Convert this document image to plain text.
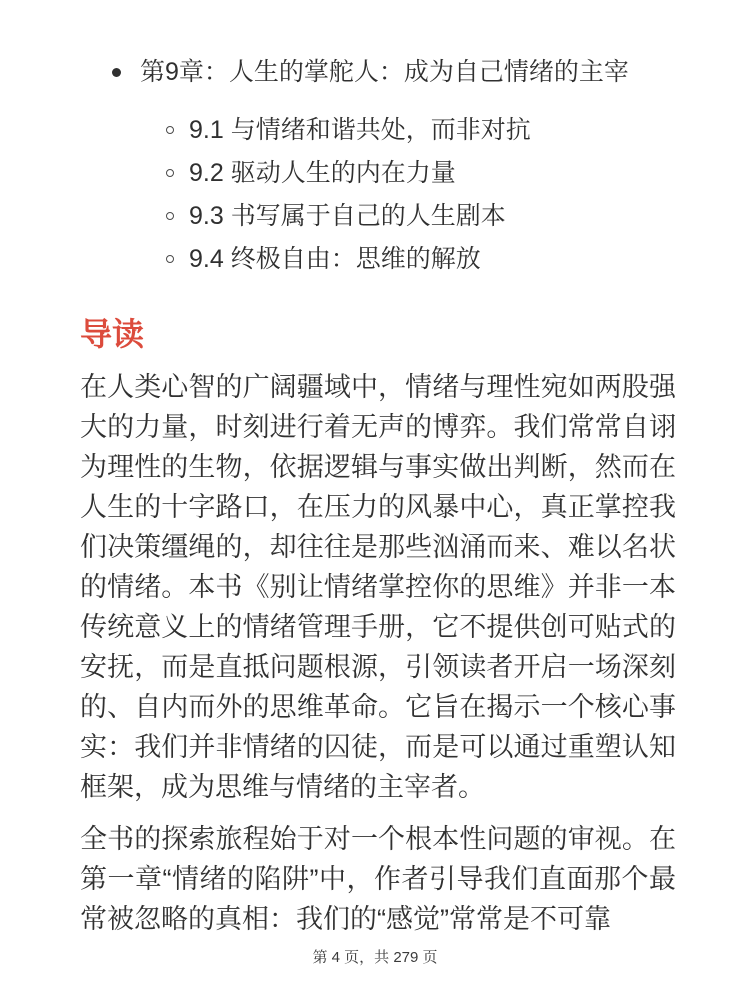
第9章：人生的掌舵人：成为自己情绪的主宰
9.1 与情绪和谐共处，而非对抗
9.2 驱动人生的内在力量
9.3 书写属于自己的人生剧本
9.4 终极自由：思维的解放
导读

在人类心智的广阔疆域中，情绪与理性宛如两股强大的力量，时刻进行着无声的博弈。我们常常自诩为理性的生物，依据逻辑与事实做出判断，然而在人生的十字路口，在压力的风暴中心，真正掌控我们决策缰绳的，却往往是那些汹涌而来、难以名状的情绪。本书《别让情绪掌控你的思维》并非一本传统意义上的情绪管理手册，它不提供创可贴式的安抚，而是直抵问题根源，引领读者开启一场深刻的、自内而外的思维革命。它旨在揭示一个核心事实：我们并非情绪的囚徒，而是可以通过重塑认知框架，成为思维与情绪的主宰者。

全书的探索旅程始于对一个根本性问题的审视。在第一章“情绪的陷阱”中，作者引导我们直面那个最常被忽略的真相：我们的“感觉”常常是不可靠

第 4 页，共 279 页
